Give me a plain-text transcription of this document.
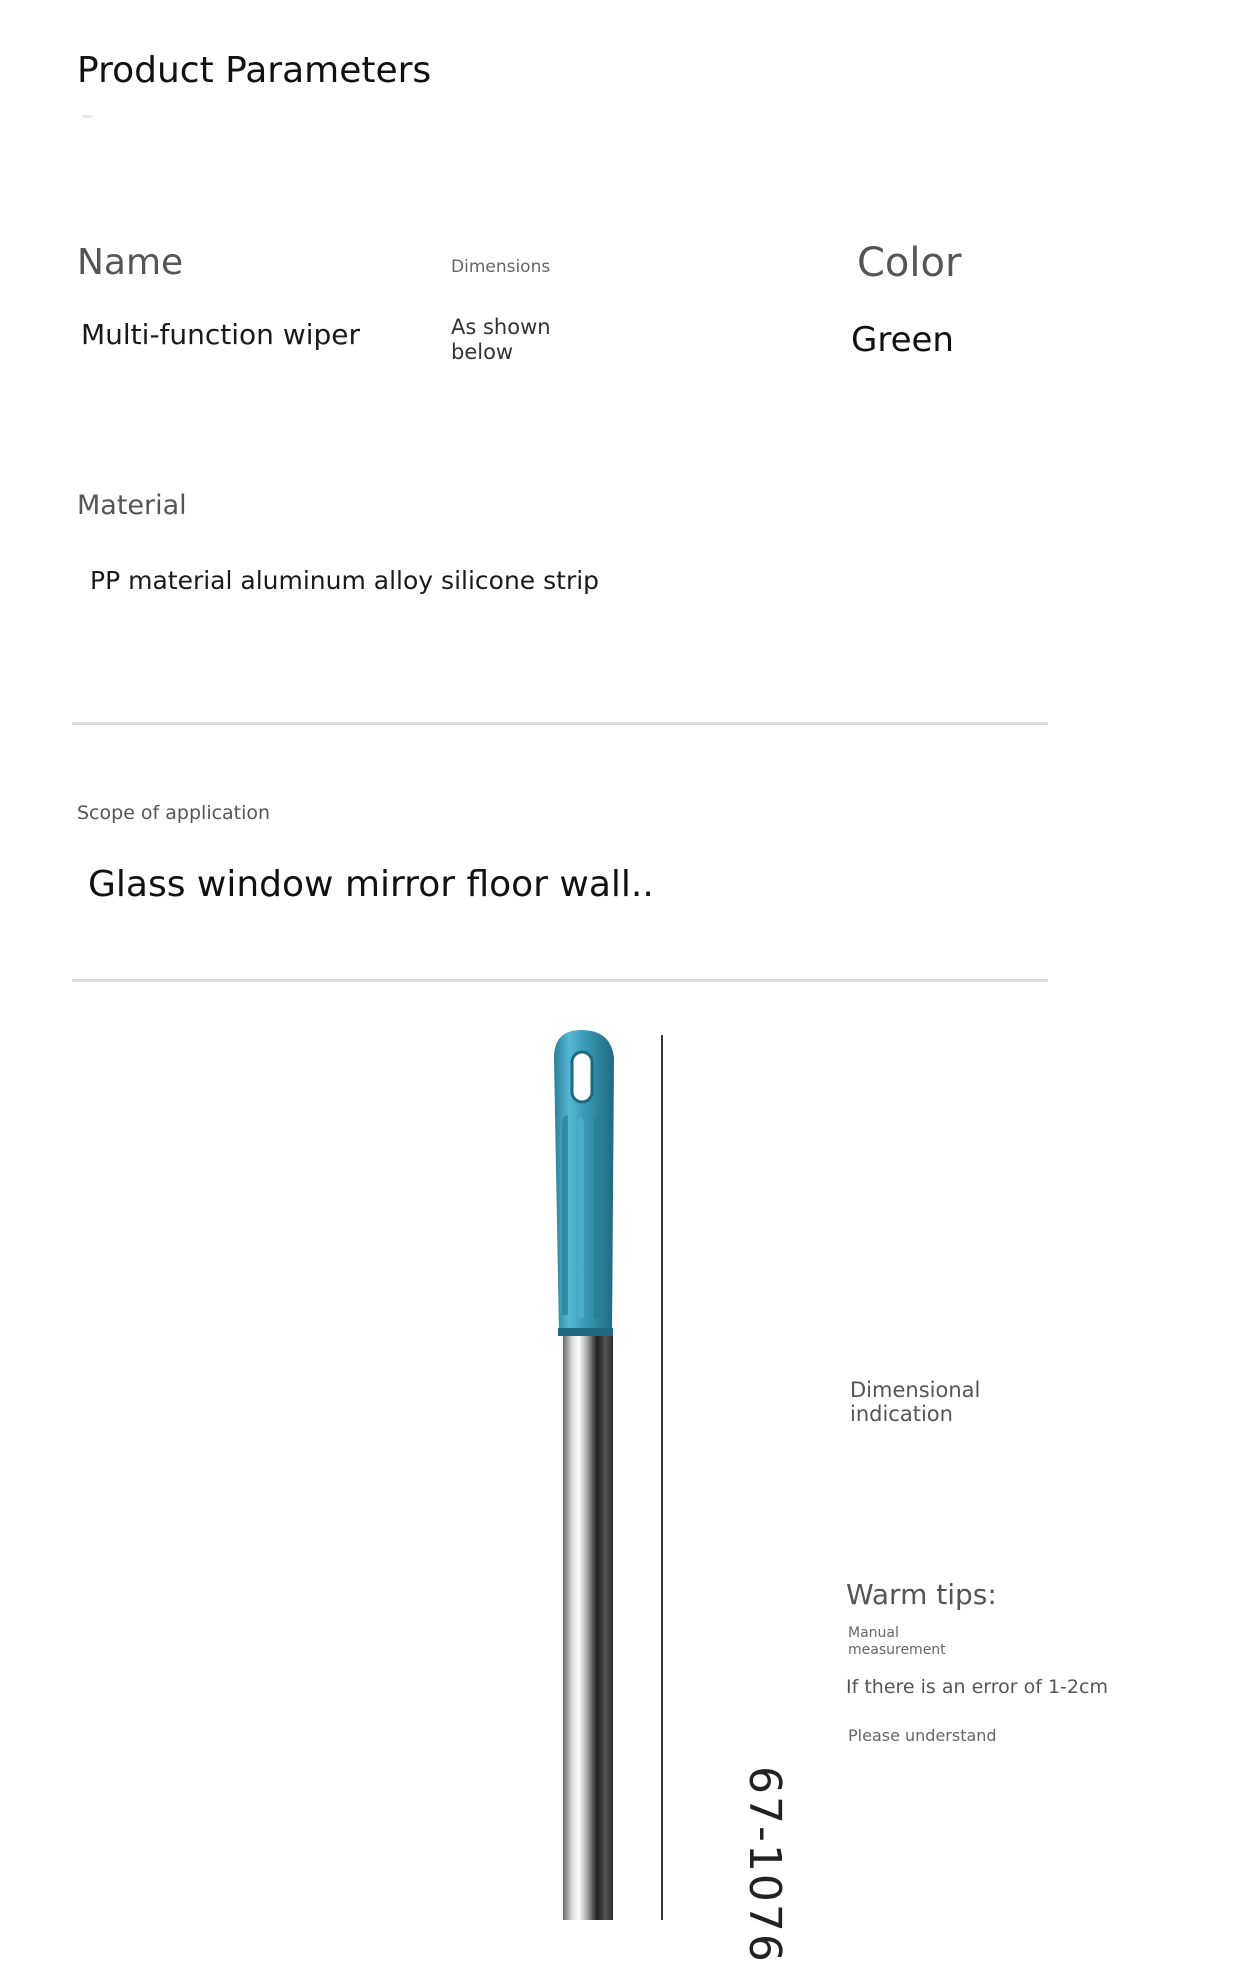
Product Parameters
Name
Multi-function wiper
Dimensions
As shown below
Color
Green
Material
PP material aluminum alloy silicone strip
Scope of application
Glass window mirror floor wall..
67-1076
Dimensional indication
Warm tips:
Manual measurement
If there is an error of 1-2cm
Please understand
